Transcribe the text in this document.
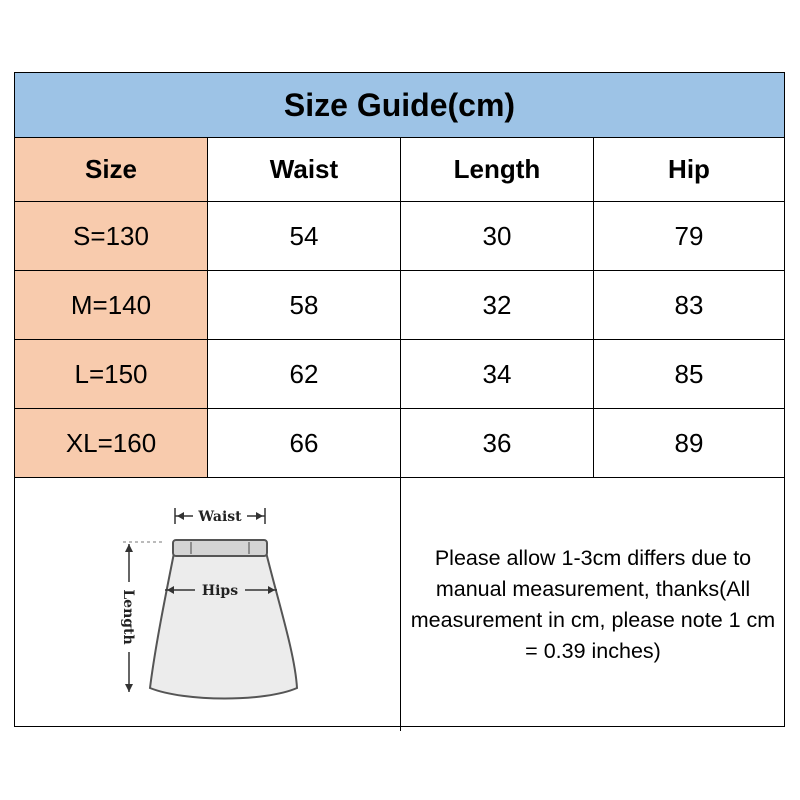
Size Guide(cm)
Size	Waist	Length	Hip
S=130	54	30	79
M=140	58	32	83
L=150	62	34	85
XL=160	66	36	89
Waist
Hips
Length
Please allow 1-3cm differs due to manual measurement, thanks(All measurement in cm, please note 1 cm = 0.39 inches)
